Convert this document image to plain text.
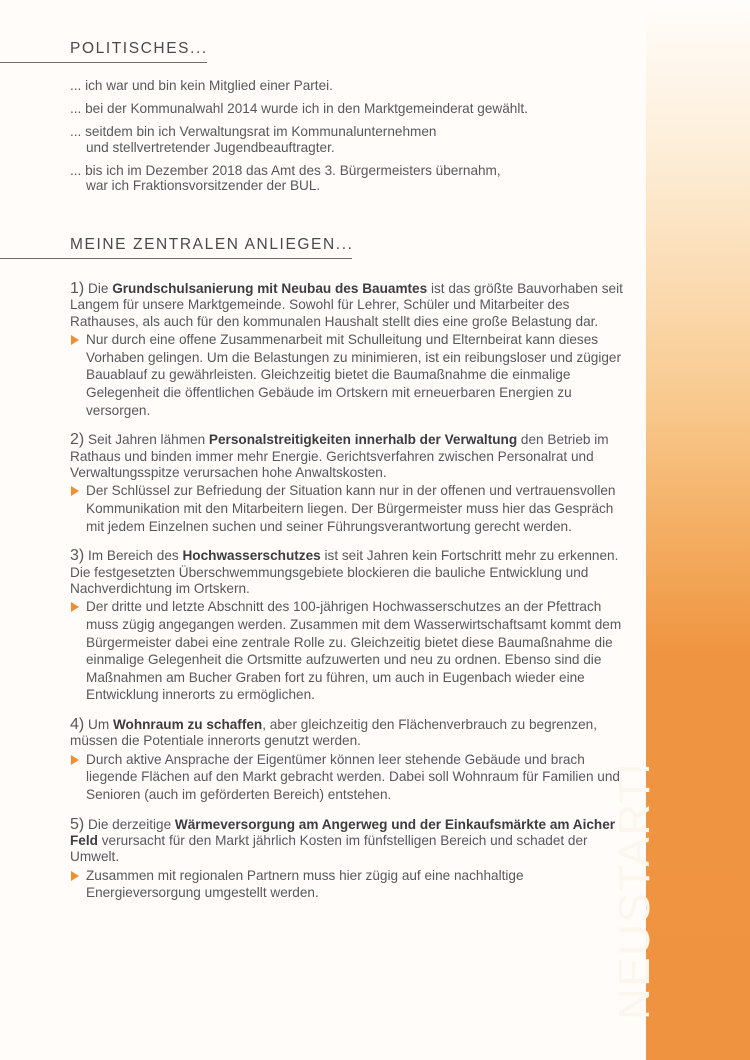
POLITISCHES...
... ich war und bin kein Mitglied einer Partei.
... bei der Kommunalwahl 2014 wurde ich in den Marktgemeinderat gewählt.
... seitdem bin ich Verwaltungsrat im Kommunalunternehmen
und stellvertretender Jugendbeauftragter.
... bis ich im Dezember 2018 das Amt des 3. Bürgermeisters übernahm,
war ich Fraktionsvorsitzender der BUL.
MEINE ZENTRALEN ANLIEGEN...

1) Die Grundschulsanierung mit Neubau des Bauamtes ist das größte Bauvorhaben seit Langem für unsere Marktgemeinde. Sowohl für Lehrer, Schüler und Mitarbeiter des Rathauses, als auch für den kommunalen Haushalt stellt dies eine große Belastung dar.

Nur durch eine offene Zusammenarbeit mit Schulleitung und Elternbeirat kann dieses Vorhaben gelingen. Um die Belastungen zu minimieren, ist ein reibungsloser und zügiger Bauablauf zu gewährleisten. Gleichzeitig bietet die Baumaßnahme die einmalige Gelegenheit die öffentlichen Gebäude im Ortskern mit erneuerbaren Energien zu versorgen.

2) Seit Jahren lähmen Personalstreitigkeiten innerhalb der Verwaltung den Betrieb im Rathaus und binden immer mehr Energie. Gerichtsverfahren zwischen Personalrat und Verwaltungsspitze verursachen hohe Anwaltskosten.

Der Schlüssel zur Befriedung der Situation kann nur in der offenen und vertrauensvollen Kommunikation mit den Mitarbeitern liegen. Der Bürgermeister muss hier das Gespräch mit jedem Einzelnen suchen und seiner Führungsverantwortung gerecht werden.

3) Im Bereich des Hochwasserschutzes ist seit Jahren kein Fortschritt mehr zu erkennen. Die festgesetzten Überschwemmungsgebiete blockieren die bauliche Entwicklung und Nachverdichtung im Ortskern.

Der dritte und letzte Abschnitt des 100-jährigen Hochwasserschutzes an der Pfettrach muss zügig angegangen werden. Zusammen mit dem Wasserwirtschaftsamt kommt dem Bürgermeister dabei eine zentrale Rolle zu. Gleichzeitig bietet diese Baumaßnahme die einmalige Gelegenheit die Ortsmitte aufzuwerten und neu zu ordnen. Ebenso sind die Maßnahmen am Bucher Graben fort zu führen, um auch in Eugenbach wieder eine Entwicklung innerorts zu ermöglichen.

4) Um Wohnraum zu schaffen, aber gleichzeitig den Flächenverbrauch zu begrenzen, müssen die Potentiale innerorts genutzt werden.

Durch aktive Ansprache der Eigentümer können leer stehende Gebäude und brach liegende Flächen auf den Markt gebracht werden. Dabei soll Wohnraum für Familien und Senioren (auch im geförderten Bereich) entstehen.

5) Die derzeitige Wärmeversorgung am Angerweg und der Einkaufsmärkte am Aicher Feld verursacht für den Markt jährlich Kosten im fünfstelligen Bereich und schadet der Umwelt.

Zusammen mit regionalen Partnern muss hier zügig auf eine nachhaltige Energieversorgung umgestellt werden.	NEUSTART!
